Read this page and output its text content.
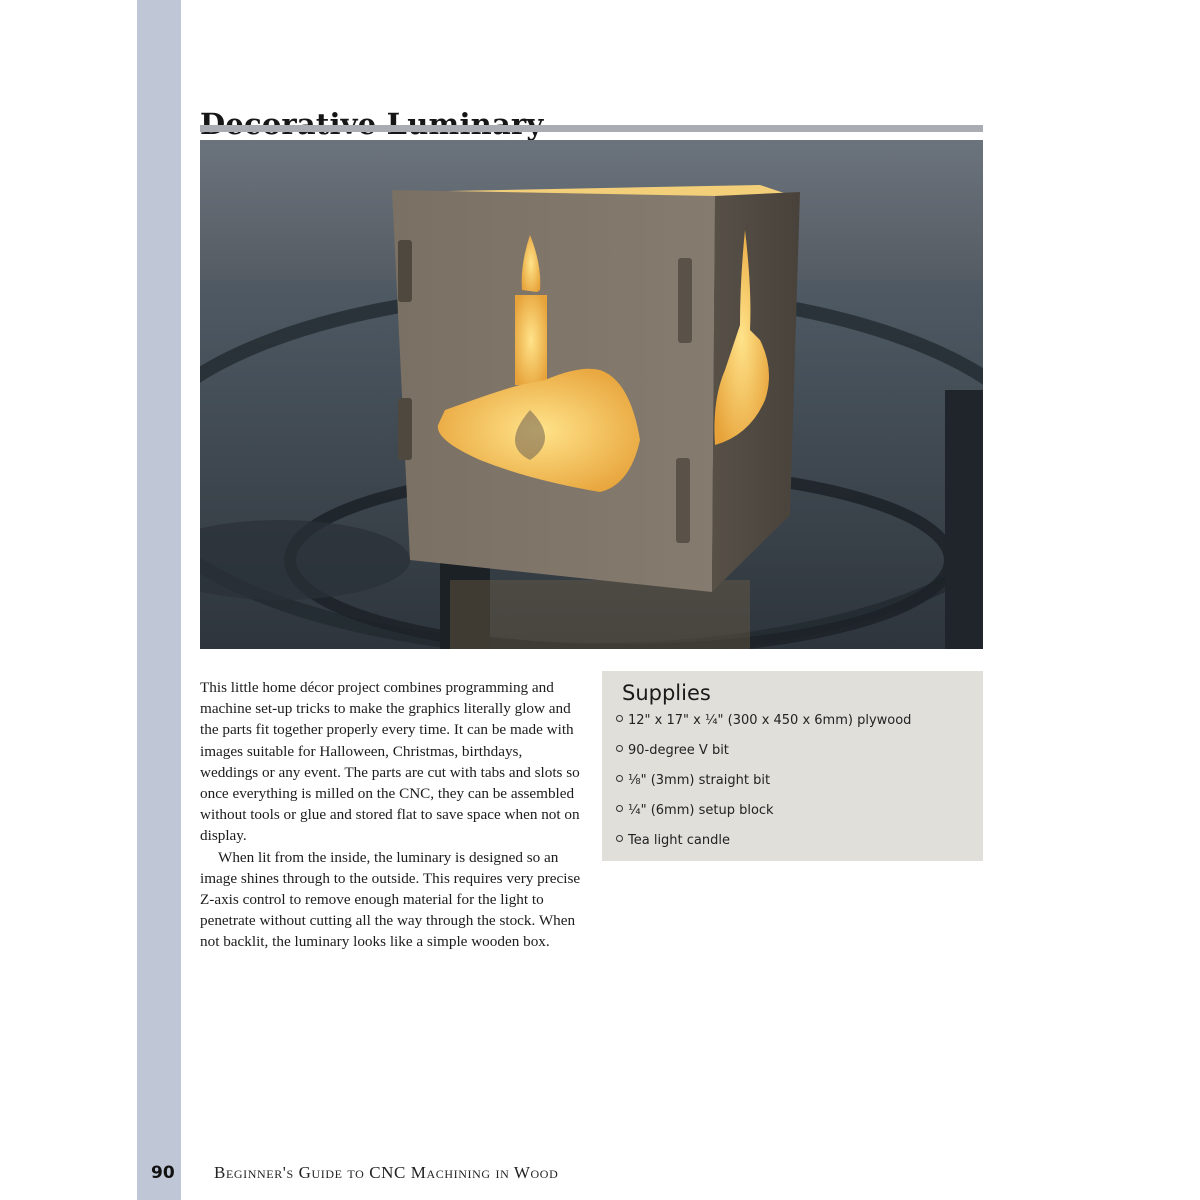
This little home décor project combines programming and machine set-up tricks to make the graphics literally glow and the parts fit together properly every time. It can be made with images suitable for Halloween, Christmas, birthdays, weddings or any event. The parts are cut with tabs and slots so once everything is milled on the CNC, they can be assembled without tools or glue and stored flat to save space when not on display.

When lit from the inside, the luminary is designed so an image shines through to the outside. This requires very precise Z-axis control to remove enough material for the light to penetrate without cutting all the way through the stock. When not backlit, the luminary looks like a simple wooden box.

Supplies
12" x 17" x ¼" (300 x 450 x 6mm) plywood
90-degree V bit
⅛" (3mm) straight bit
¼" (6mm) setup block
Tea light candle
90 Beginner's Guide to CNC Machining in Wood
